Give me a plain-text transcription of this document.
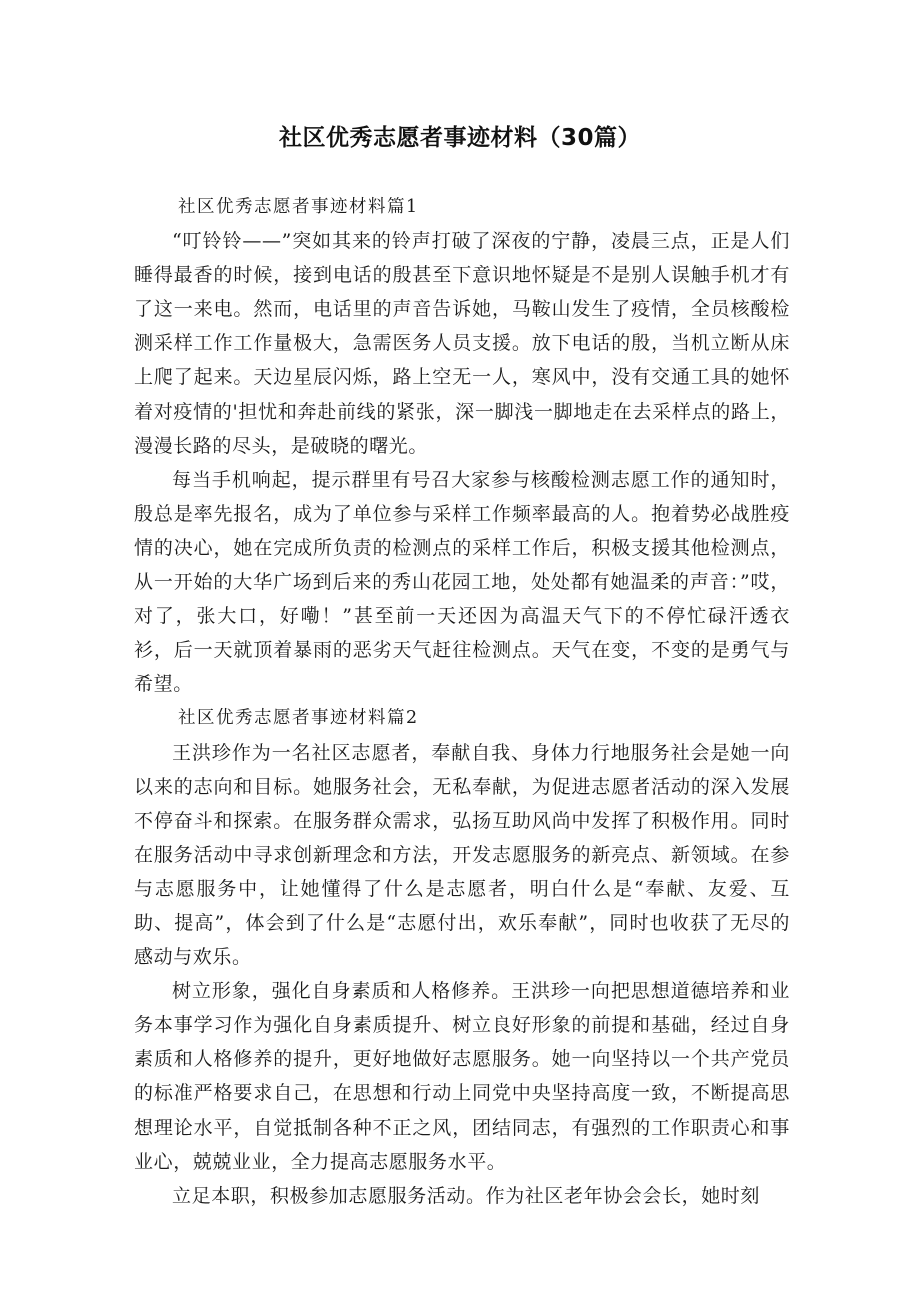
社区优秀志愿者事迹材料（30篇）

社区优秀志愿者事迹材料篇1

“叮铃铃——”突如其来的铃声打破了深夜的宁静，凌晨三点，正是人们睡得最香的时候，接到电话的殷甚至下意识地怀疑是不是别人误触手机才有了这一来电。然而，电话里的声音告诉她，马鞍山发生了疫情，全员核酸检测采样工作工作量极大，急需医务人员支援。放下电话的殷，当机立断从床上爬了起来。天边星辰闪烁，路上空无一人，寒风中，没有交通工具的她怀着对疫情的'担忧和奔赴前线的紧张，深一脚浅一脚地走在去采样点的路上，漫漫长路的尽头，是破晓的曙光。

每当手机响起，提示群里有号召大家参与核酸检测志愿工作的通知时，殷总是率先报名，成为了单位参与采样工作频率最高的人。抱着势必战胜疫情的决心，她在完成所负责的检测点的采样工作后，积极支援其他检测点，从一开始的大华广场到后来的秀山花园工地，处处都有她温柔的声音：”哎，对了，张大口，好嘞！”甚至前一天还因为高温天气下的不停忙碌汗透衣衫，后一天就顶着暴雨的恶劣天气赶往检测点。天气在变，不变的是勇气与希望。

社区优秀志愿者事迹材料篇2

王洪珍作为一名社区志愿者，奉献自我、身体力行地服务社会是她一向以来的志向和目标。她服务社会，无私奉献，为促进志愿者活动的深入发展不停奋斗和探索。在服务群众需求，弘扬互助风尚中发挥了积极作用。同时在服务活动中寻求创新理念和方法，开发志愿服务的新亮点、新领域。在参与志愿服务中，让她懂得了什么是志愿者，明白什么是“奉献、友爱、互助、提高”，体会到了什么是“志愿付出，欢乐奉献”，同时也收获了无尽的感动与欢乐。

树立形象，强化自身素质和人格修养。王洪珍一向把思想道德培养和业务本事学习作为强化自身素质提升、树立良好形象的前提和基础，经过自身素质和人格修养的提升，更好地做好志愿服务。她一向坚持以一个共产党员的标准严格要求自己，在思想和行动上同党中央坚持高度一致，不断提高思想理论水平，自觉抵制各种不正之风，团结同志，有强烈的工作职责心和事业心，兢兢业业，全力提高志愿服务水平。

立足本职，积极参加志愿服务活动。作为社区老年协会会长，她时刻
